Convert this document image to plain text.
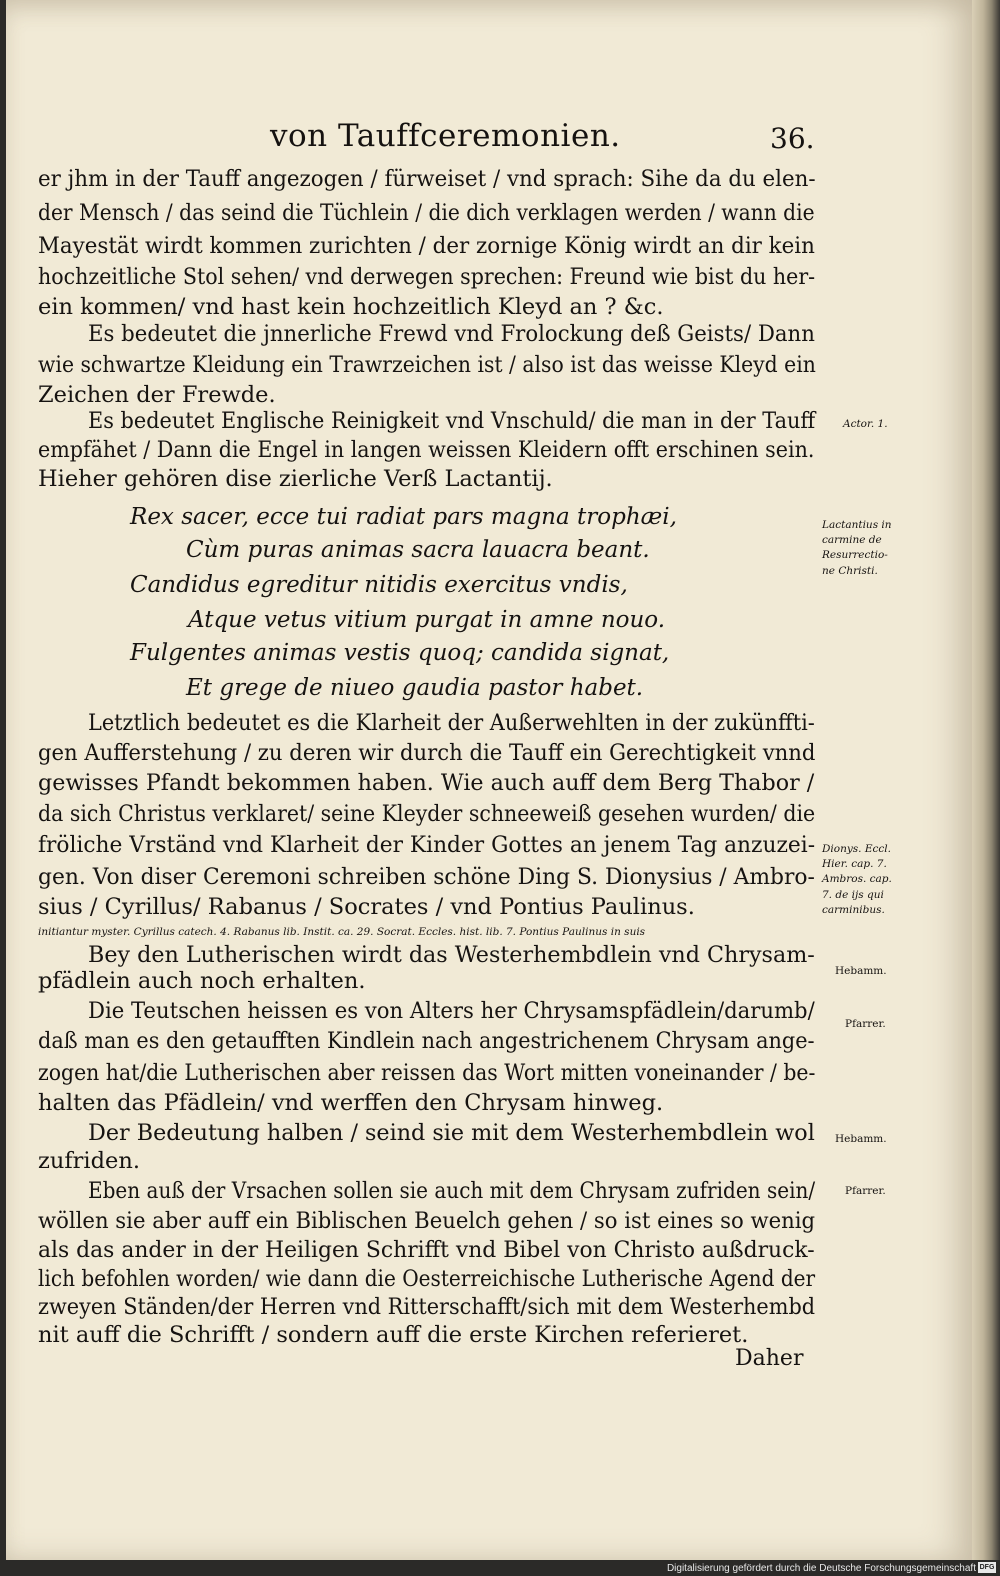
von Tauffceremonien.	36.
er jhm in der Tauff angezogen / fürweiset / vnd sprach: Sihe da du elen-
der Mensch / das seind die Tüchlein / die dich verklagen werden / wann die
Mayestät wirdt kommen zurichten / der zornige König wirdt an dir kein
hochzeitliche Stol sehen/ vnd derwegen sprechen: Freund wie bist du her-
ein kommen/ vnd hast kein hochzeitlich Kleyd an ? &c.
Es bedeutet die jnnerliche Frewd vnd Frolockung deß Geists/ Dann
wie schwartze Kleidung ein Trawrzeichen ist / also ist das weisse Kleyd ein
Zeichen der Frewde.
Es bedeutet Englische Reinigkeit vnd Vnschuld/ die man in der Tauff
empfähet / Dann die Engel in langen weissen Kleidern offt erschinen sein.
Hieher gehören dise zierliche Verß Lactantij.
Rex sacer, ecce tui radiat pars magna trophæi,
Cùm puras animas sacra lauacra beant.
Candidus egreditur nitidis exercitus vndis,
Atque vetus vitium purgat in amne nouo.
Fulgentes animas vestis quoq; candida signat,
Et grege de niueo gaudia pastor habet.
Letztlich bedeutet es die Klarheit der Außerwehlten in der zukünffti-
gen Aufferstehung / zu deren wir durch die Tauff ein Gerechtigkeit vnnd
gewisses Pfandt bekommen haben. Wie auch auff dem Berg Thabor /
da sich Christus verklaret/ seine Kleyder schneeweiß gesehen wurden/ die
fröliche Vrständ vnd Klarheit der Kinder Gottes an jenem Tag anzuzei-
gen. Von diser Ceremoni schreiben schöne Ding S. Dionysius / Ambro-
sius / Cyrillus/ Rabanus / Socrates / vnd Pontius Paulinus.
initiantur myster. Cyrillus catech. 4. Rabanus lib. Instit. ca. 29. Socrat. Eccles. hist. lib. 7. Pontius Paulinus in suis
Bey den Lutherischen wirdt das Westerhembdlein vnd Chrysam-
pfädlein auch noch erhalten.
Die Teutschen heissen es von Alters her Chrysamspfädlein/darumb/
daß man es den getaufften Kindlein nach angestrichenem Chrysam ange-
zogen hat/die Lutherischen aber reissen das Wort mitten voneinander / be-
halten das Pfädlein/ vnd werffen den Chrysam hinweg.
Der Bedeutung halben / seind sie mit dem Westerhembdlein wol
zufriden.
Eben auß der Vrsachen sollen sie auch mit dem Chrysam zufriden sein/
wöllen sie aber auff ein Biblischen Beuelch gehen / so ist eines so wenig
als das ander in der Heiligen Schrifft vnd Bibel von Christo außdruck-
lich befohlen worden/ wie dann die Oesterreichische Lutherische Agend der
zweyen Ständen/der Herren vnd Ritterschafft/sich mit dem Westerhembd
nit auff die Schrifft / sondern auff die erste Kirchen referieret.
Daher
Actor. 1.
Lactantius in
carmine de
Resurrectio-
ne Christi.
Dionys. Eccl.
Hier. cap. 7.
Ambros. cap.
7. de ijs qui
carminibus.
Hebamm.
Pfarrer.
Hebamm.
Pfarrer.
Digitalisierung gefördert durch die Deutsche Forschungsgemeinschaft DFG
